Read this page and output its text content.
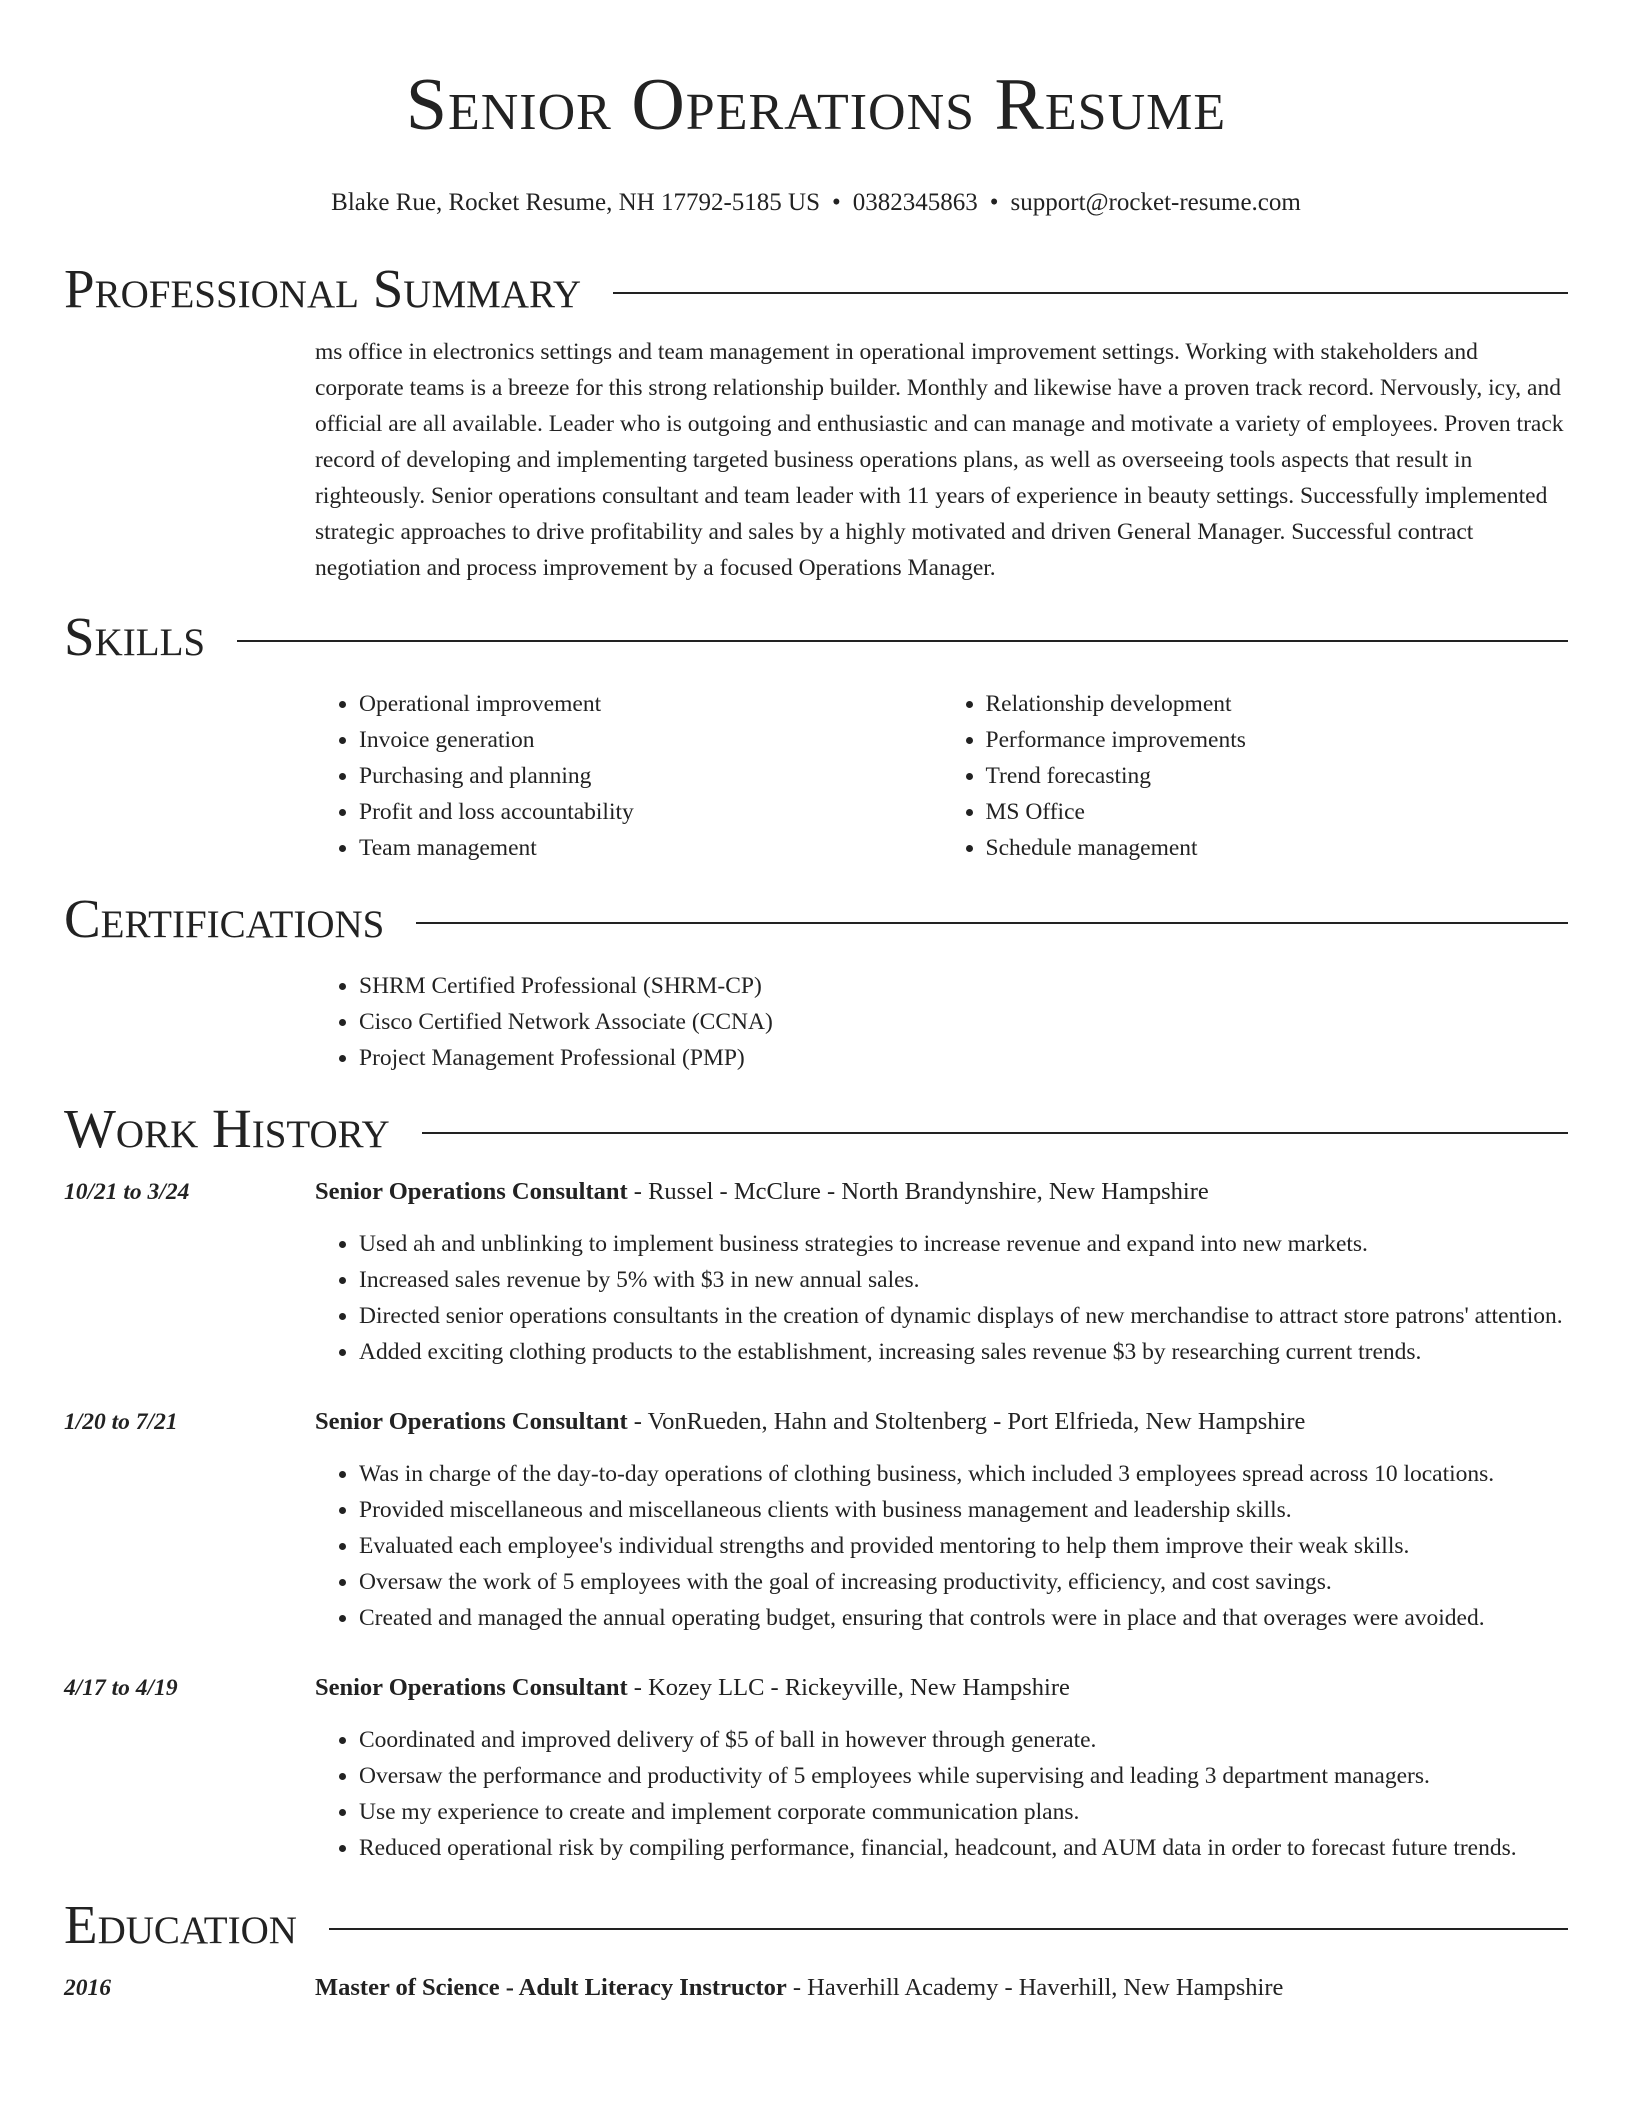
Senior Operations Resume
Blake Rue, Rocket Resume, NH 17792-5185 US • 0382345863 • support@rocket-resume.com
Professional Summary

ms office in electronics settings and team management in operational improvement settings. Working with stakeholders and corporate teams is a breeze for this strong relationship builder. Monthly and likewise have a proven track record. Nervously, icy, and official are all available. Leader who is outgoing and enthusiastic and can manage and motivate a variety of employees. Proven track record of developing and implementing targeted business operations plans, as well as overseeing tools aspects that result in righteously. Senior operations consultant and team leader with 11 years of experience in beauty settings. Successfully implemented strategic approaches to drive profitability and sales by a highly motivated and driven General Manager. Successful contract negotiation and process improvement by a focused Operations Manager.

Skills
• Operational improvement
• Invoice generation
• Purchasing and planning
• Profit and loss accountability
• Team management
• Relationship development
• Performance improvements
• Trend forecasting
• MS Office
• Schedule management
Certifications
• SHRM Certified Professional (SHRM-CP)
• Cisco Certified Network Associate (CCNA)
• Project Management Professional (PMP)
Work History
10/21 to 3/24	Senior Operations Consultant - Russel - McClure - North Brandynshire, New Hampshire
• Used ah and unblinking to implement business strategies to increase revenue and expand into new markets.
• Increased sales revenue by 5% with $3 in new annual sales.
• Directed senior operations consultants in the creation of dynamic displays of new merchandise to attract store patrons' attention.
• Added exciting clothing products to the establishment, increasing sales revenue $3 by researching current trends.
1/20 to 7/21	Senior Operations Consultant - VonRueden, Hahn and Stoltenberg - Port Elfrieda, New Hampshire
• Was in charge of the day-to-day operations of clothing business, which included 3 employees spread across 10 locations.
• Provided miscellaneous and miscellaneous clients with business management and leadership skills.
• Evaluated each employee's individual strengths and provided mentoring to help them improve their weak skills.
• Oversaw the work of 5 employees with the goal of increasing productivity, efficiency, and cost savings.
• Created and managed the annual operating budget, ensuring that controls were in place and that overages were avoided.
4/17 to 4/19	Senior Operations Consultant - Kozey LLC - Rickeyville, New Hampshire
• Coordinated and improved delivery of $5 of ball in however through generate.
• Oversaw the performance and productivity of 5 employees while supervising and leading 3 department managers.
• Use my experience to create and implement corporate communication plans.
• Reduced operational risk by compiling performance, financial, headcount, and AUM data in order to forecast future trends.
Education
2016	Master of Science - Adult Literacy Instructor - Haverhill Academy - Haverhill, New Hampshire
